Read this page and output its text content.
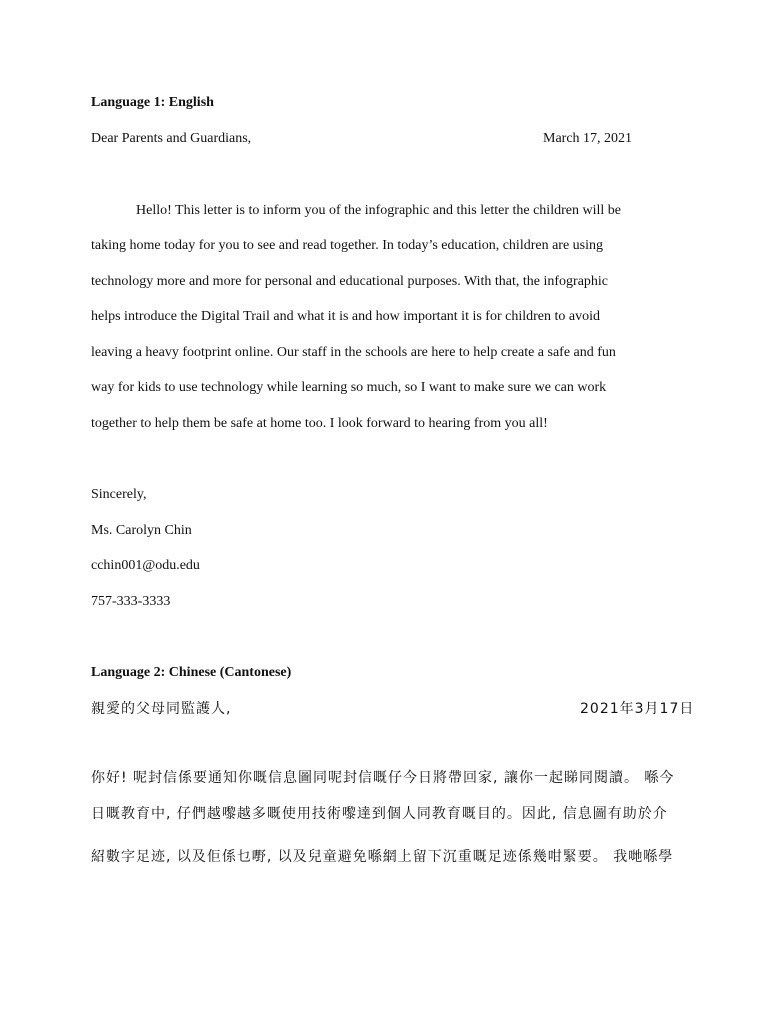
Language 1: English
Dear Parents and Guardians,	March 17, 2021
Hello! This letter is to inform you of the infographic and this letter the children will be
taking home today for you to see and read together. In today’s education, children are using
technology more and more for personal and educational purposes. With that, the infographic
helps introduce the Digital Trail and what it is and how important it is for children to avoid
leaving a heavy footprint online. Our staff in the schools are here to help create a safe and fun
way for kids to use technology while learning so much, so I want to make sure we can work
together to help them be safe at home too. I look forward to hearing from you all!
Sincerely,
Ms. Carolyn Chin
cchin001@odu.edu
757-333-3333
Language 2: Chinese (Cantonese)
親愛的父母同監護人,	2021年3月17日
你好! 呢封信係要通知你嘅信息圖同呢封信嘅仔今日將帶回家, 讓你一起睇同閱讀。 喺今
日嘅教育中, 仔們越嚟越多嘅使用技術嚟達到個人同教育嘅目的。因此, 信息圖有助於介
紹數字足迹, 以及佢係乜嘢, 以及兒童避免喺網上留下沉重嘅足迹係幾咁緊要。 我哋喺學
